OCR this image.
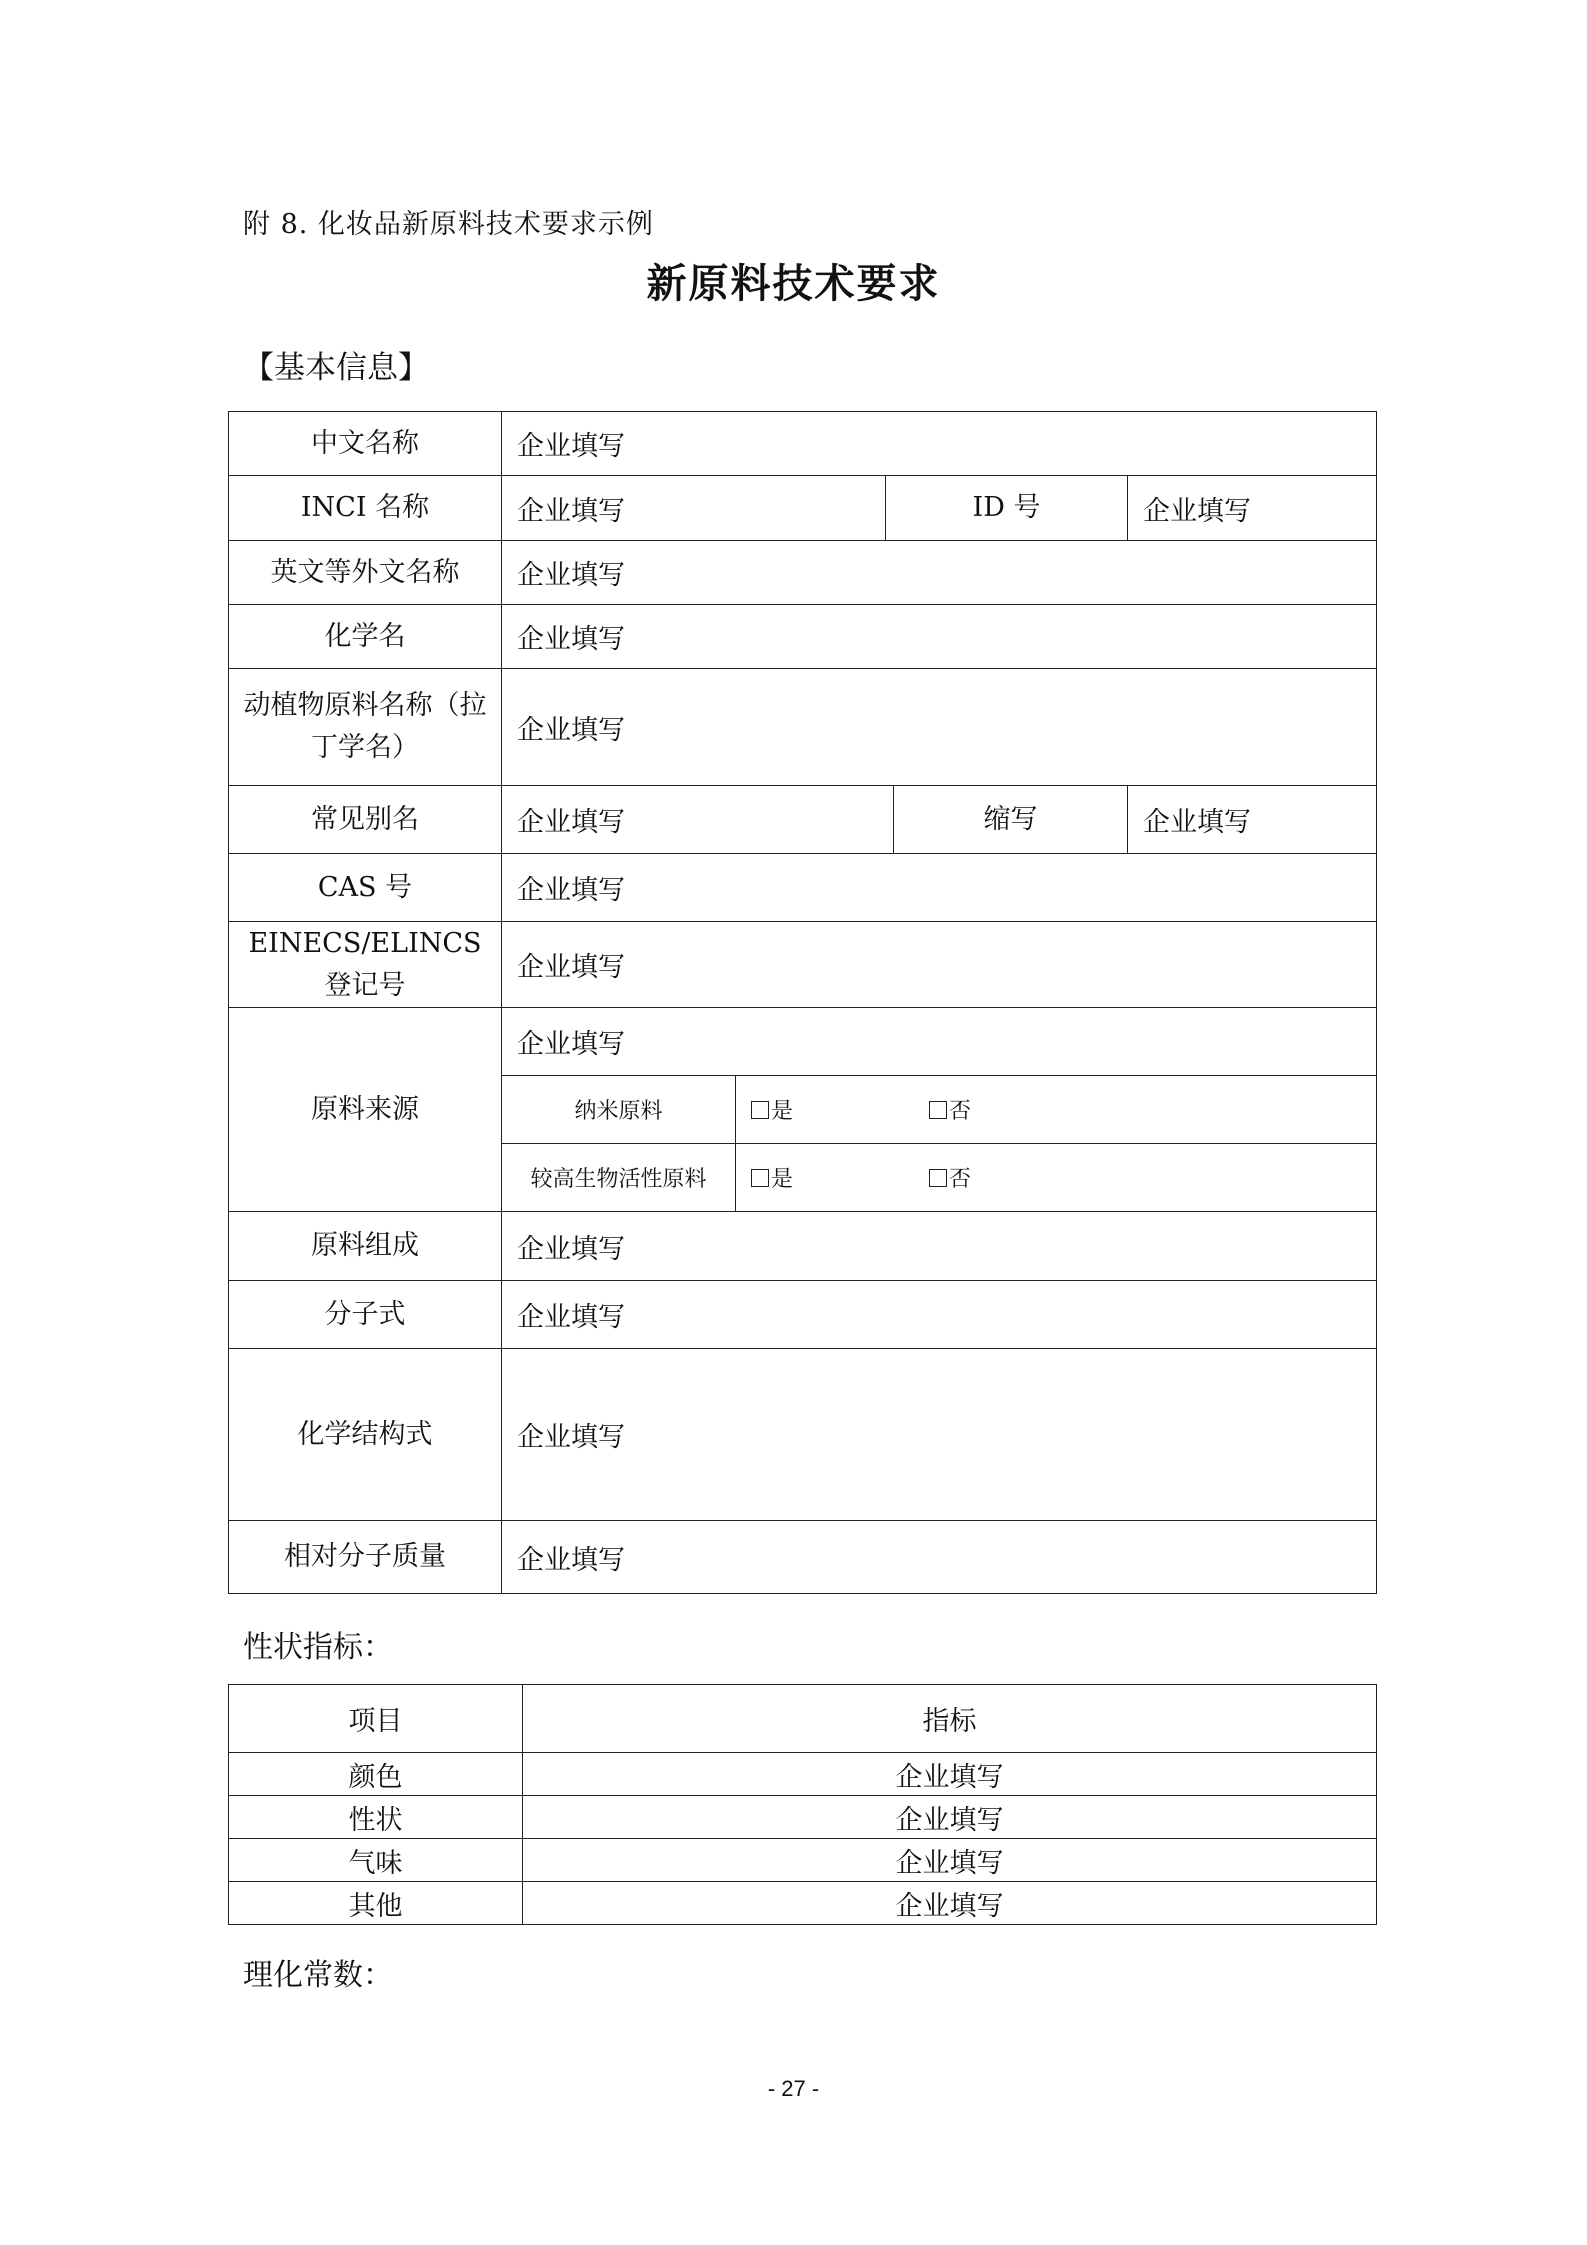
附 8. 化妆品新原料技术要求示例
新原料技术要求
【基本信息】
中文名称	企业填写				
INCI 名称	企业填写		ID 号		企业填写
英文等外文名称	企业填写				
化学名	企业填写				
动植物原料名称（拉丁学名）	企业填写				
常见别名	企业填写			缩写	企业填写
CAS 号	企业填写				
EINECS/ELINCS 登记号	企业填写				
原料来源	企业填写				
	纳米原料	是 否			
	较高生物活性原料	是 否			
原料组成	企业填写				
分子式	企业填写				
化学结构式	企业填写				
相对分子质量	企业填写				
性状指标：
项目	指标
颜色	企业填写
性状	企业填写
气味	企业填写
其他	企业填写
理化常数：
- 27 -
